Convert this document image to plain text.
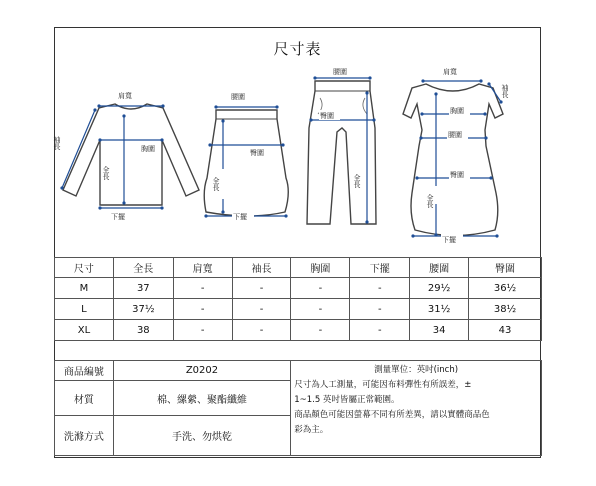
尺寸表
肩寬
袖長	胸圍
全長
下擺
腰圍
臀圍
全長
下擺
腰圍
臀圍
全長
肩寬
袖長
胸圍
腰圍
臀圍
全長
下擺
尺寸	全長	肩寬	袖長	胸圍	下擺	腰圍	臀圍
M	37	-	-	-	-	29½	36½
L	37½	-	-	-	-	31½	38½
XL	38	-	-	-	-	34	43
商品編號	Z0202	測量單位：英吋(inch)
尺寸為人工測量，可能因布料彈性有所誤差，±
1~1.5 英吋皆屬正常範圍。
商品顏色可能因螢幕不同有所差異，請以實體商品色
彩為主。

材質	棉、縲縈、聚酯纖維	
洗滌方式	手洗、勿烘乾	
